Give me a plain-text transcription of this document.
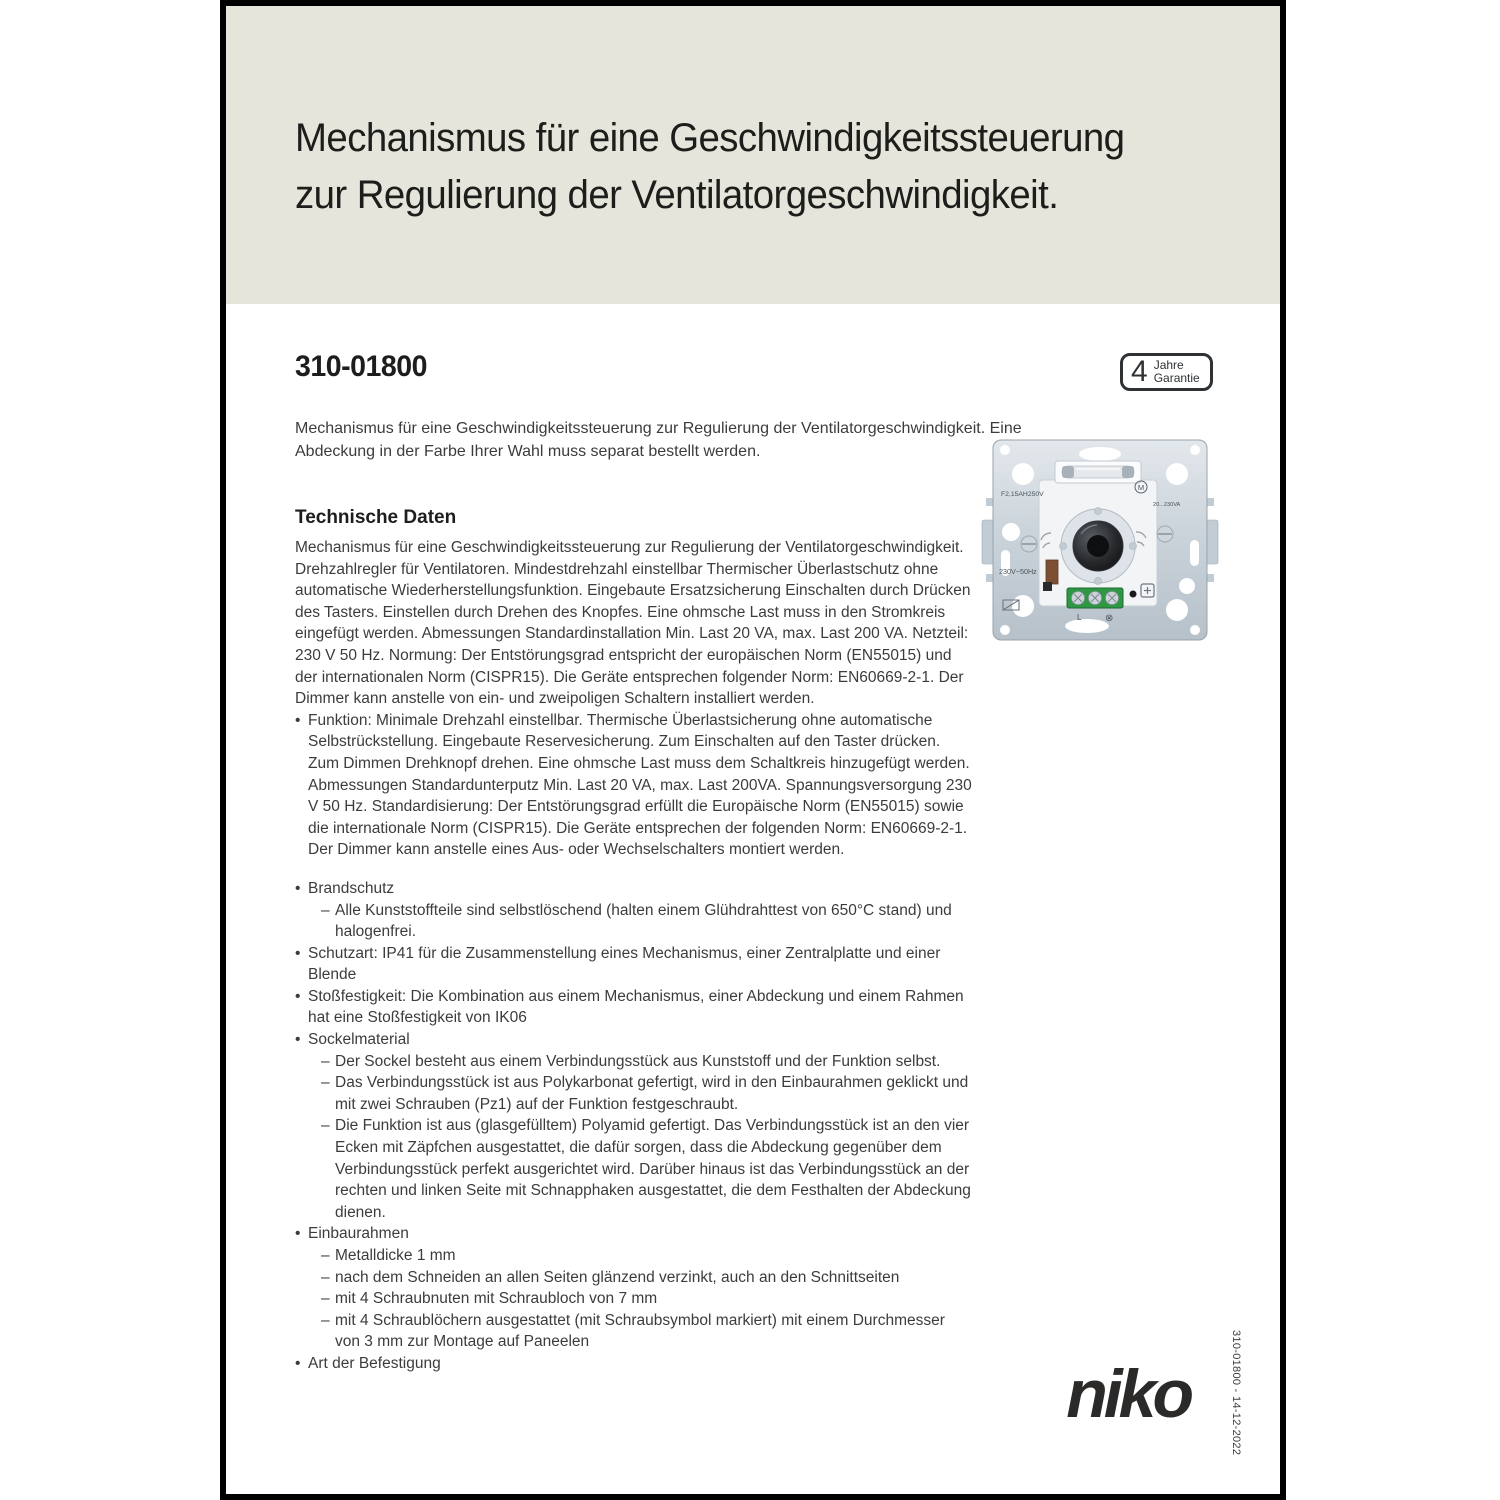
Mechanismus für eine Geschwindigkeitssteuerung
zur Regulierung der Ventilatorgeschwindigkeit.
310-01800	4 Jahre
Garantie
Mechanismus für eine Geschwindigkeitssteuerung zur Regulierung der Ventilatorgeschwindigkeit. Eine Abdeckung in der Farbe Ihrer Wahl muss separat bestellt werden.
M
F2,15AH250V
230V~50Hz
20...230VA
L ⊗
Technische Daten

Mechanismus für eine Geschwindigkeitssteuerung zur Regulierung der Ventilatorgeschwindigkeit. Drehzahlregler für Ventilatoren. Mindestdrehzahl einstellbar Thermischer Überlastschutz ohne automatische Wiederherstellungsfunktion. Eingebaute Ersatzsicherung Einschalten durch Drücken des Tasters. Einstellen durch Drehen des Knopfes. Eine ohmsche Last muss in den Stromkreis eingefügt werden. Abmessungen Standardinstallation Min. Last 20 VA, max. Last 200 VA. Netzteil: 230 V 50 Hz. Normung: Der Entstörungsgrad entspricht der europäischen Norm (EN55015) und der internationalen Norm (CISPR15). Die Geräte entsprechen folgender Norm: EN60669-2-1. Der Dimmer kann anstelle von ein- und zweipoligen Schaltern installiert werden.

• Funktion: Minimale Drehzahl einstellbar. Thermische Überlastsicherung ohne automatische Selbstrückstellung. Eingebaute Reservesicherung. Zum Einschalten auf den Taster drücken. Zum Dimmen Drehknopf drehen. Eine ohmsche Last muss dem Schaltkreis hinzugefügt werden. Abmessungen Standardunterputz Min. Last 20 VA, max. Last 200VA. Spannungsversorgung 230 V 50 Hz. Standardisierung: Der Entstörungsgrad erfüllt die Europäische Norm (EN55015) sowie die internationale Norm (CISPR15). Die Geräte entsprechen der folgenden Norm: EN60669-2-1. Der Dimmer kann anstelle eines Aus- oder Wechselschalters montiert werden.
• Brandschutz
– Alle Kunststoffteile sind selbstlöschend (halten einem Glühdrahttest von 650°C stand) und halogenfrei.
• Schutzart: IP41 für die Zusammenstellung eines Mechanismus, einer Zentralplatte und einer Blende
• Stoßfestigkeit: Die Kombination aus einem Mechanismus, einer Abdeckung und einem Rahmen hat eine Stoßfestigkeit von IK06
• Sockelmaterial
– Der Sockel besteht aus einem Verbindungsstück aus Kunststoff und der Funktion selbst.
– Das Verbindungsstück ist aus Polykarbonat gefertigt, wird in den Einbaurahmen geklickt und mit zwei Schrauben (Pz1) auf der Funktion festgeschraubt.
– Die Funktion ist aus (glasgefülltem) Polyamid gefertigt. Das Verbindungsstück ist an den vier Ecken mit Zäpfchen ausgestattet, die dafür sorgen, dass die Abdeckung gegenüber dem Verbindungsstück perfekt ausgerichtet wird. Darüber hinaus ist das Verbindungsstück an der rechten und linken Seite mit Schnapphaken ausgestattet, die dem Festhalten der Abdeckung dienen.
• Einbaurahmen
– Metalldicke 1 mm
– nach dem Schneiden an allen Seiten glänzend verzinkt, auch an den Schnittseiten
– mit 4 Schraubnuten mit Schraubloch von 7 mm
– mit 4 Schraublöchern ausgestattet (mit Schraubsymbol markiert) mit einem Durchmesser von 3 mm zur Montage auf Paneelen
• Art der Befestigung	niko	310-01800 - 14-12-2022
